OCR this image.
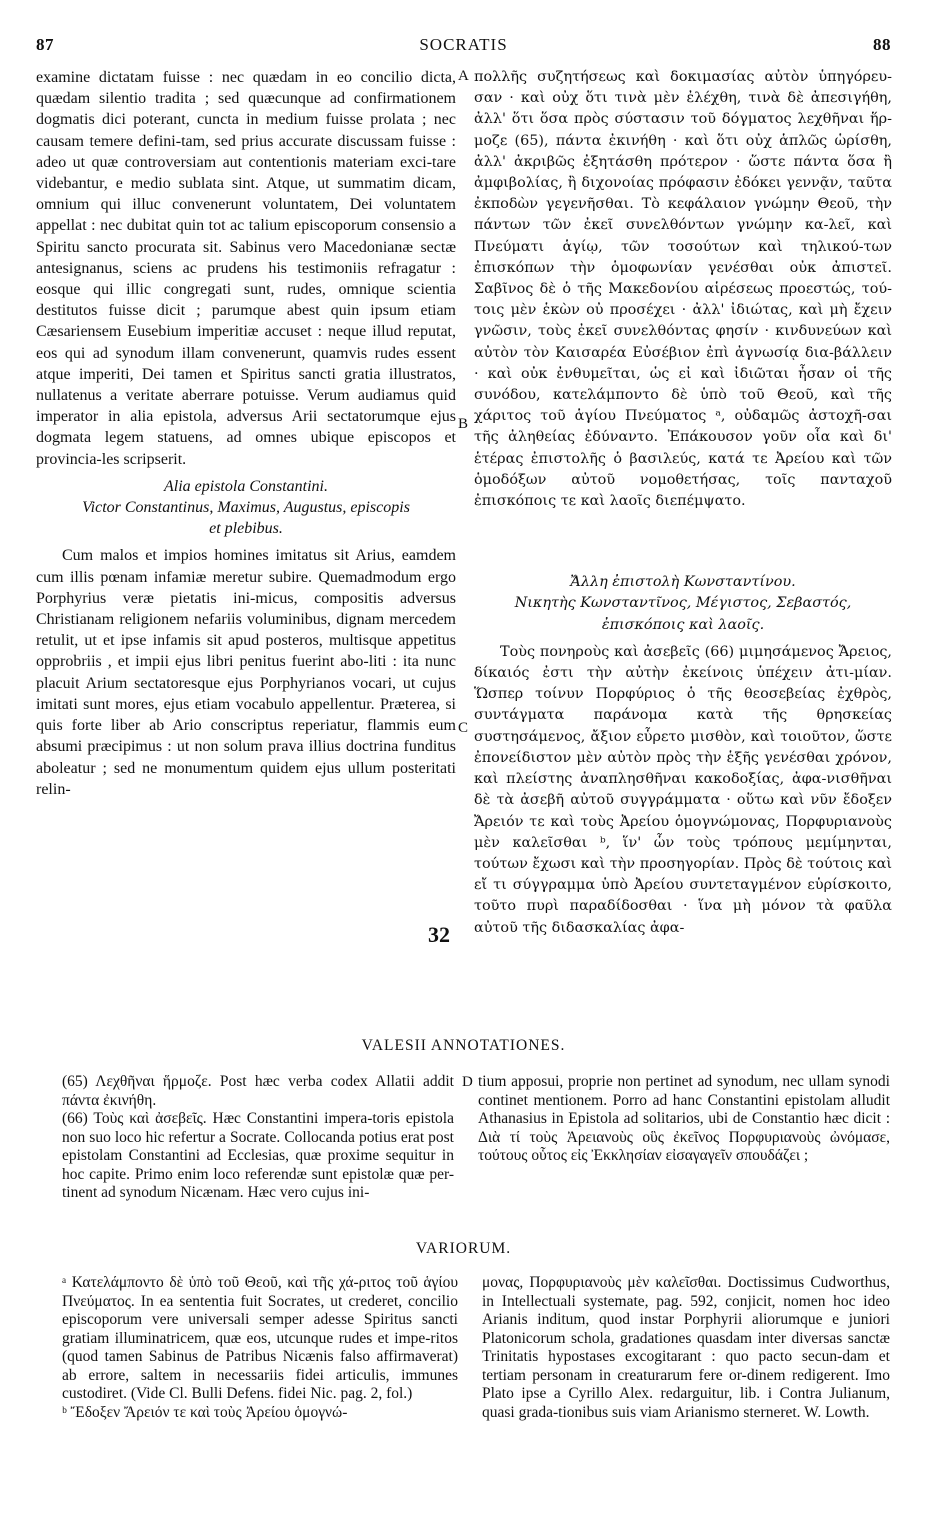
87	SOCRATIS	88

examine dictatam fuisse : nec quædam in eo concilio dicta, quædam silentio tradita ; sed quæcunque ad confirmationem dogmatis dici poterant, cuncta in medium fuisse prolata ; nec causam temere defini-tam, sed prius accurate discussam fuisse : adeo ut quæ controversiam aut contentionis materiam exci-tare videbantur, e medio sublata sint. Atque, ut summatim dicam, omnium qui illuc convenerunt voluntatem, Dei voluntatem appellat : nec dubitat quin tot ac talium episcoporum consensio a Spiritu sancto procurata sit. Sabinus vero Macedonianæ sectæ antesignanus, sciens ac prudens his testimoniis refragatur : eosque qui illic congregati sunt, rudes, omnique scientia destitutos fuisse dicit ; parumque abest quin ipsum etiam Cæsariensem Eusebium imperitiæ accuset : neque illud reputat, eos qui ad synodum illam convenerunt, quamvis rudes essent atque imperiti, Dei tamen et Spiritus sancti gratia illustratos, nullatenus a veritate aberrare potuisse. Verum audiamus quid imperator in alia epistola, adversus Arii sectatorumque ejus dogmata legem statuens, ad omnes ubique episcopos et provincia-les scripserit.

Alia epistola Constantini.

Victor Constantinus, Maximus, Augustus, episcopis

et plebibus.

Cum malos et impios homines imitatus sit Arius, eamdem cum illis pœnam infamiæ meretur subire. Quemadmodum ergo Porphyrius veræ pietatis ini-micus, compositis adversus Christianam religionem nefariis voluminibus, dignam mercedem retulit, ut et ipse infamis sit apud posteros, multisque appetitus opprobriis , et impii ejus libri penitus fuerint abo-liti : ita nunc placuit Arium sectatoresque ejus Porphyrianos vocari, ut cujus imitati sunt mores, ejus etiam vocabulo appellentur. Præterea, si quis forte liber ab Ario conscriptus reperiatur, flammis eum absumi præcipimus : ut non solum prava illius doctrina funditus aboleatur ; sed ne monumentum quidem ejus ullum posteritati relin-

A
B
C
32

πολλῆς συζητήσεως καὶ δοκιμασίας αὐτὸν ὑπηγόρευ-σαν · καὶ οὐχ ὅτι τινὰ μὲν ἐλέχθη, τινὰ δὲ ἀπεσιγήθη, ἀλλ' ὅτι ὅσα πρὸς σύστασιν τοῦ δόγματος λεχθῆναι ἥρ-μοζε (65), πάντα ἐκινήθη · καὶ ὅτι οὐχ ἁπλῶς ὡρίσθη, ἀλλ' ἀκριβῶς ἐξητάσθη πρότερον · ὥστε πάντα ὅσα ἢ ἀμφιβολίας, ἢ διχονοίας πρόφασιν ἐδόκει γεννᾷν, ταῦτα ἐκποδὼν γεγενῆσθαι. Τὸ κεφάλαιον γνώμην Θεοῦ, τὴν πάντων τῶν ἐκεῖ συνελθόντων γνώμην κα-λεῖ, καὶ Πνεύματι ἁγίῳ, τῶν τοσούτων καὶ τηλικού-των ἐπισκόπων τὴν ὁμοφωνίαν γενέσθαι οὐκ ἀπιστεῖ. Σαβῖνος δὲ ὁ τῆς Μακεδονίου αἱρέσεως προεστώς, τού-τοις μὲν ἑκὼν οὐ προσέχει · ἀλλ' ἰδιώτας, καὶ μὴ ἔχειν γνῶσιν, τοὺς ἐκεῖ συνελθόντας φησίν · κινδυνεύων καὶ αὐτὸν τὸν Καισαρέα Εὐσέβιον ἐπὶ ἀγνωσίᾳ δια-βάλλειν · καὶ οὐκ ἐνθυμεῖται, ὡς εἰ καὶ ἰδιῶται ἦσαν οἱ τῆς συνόδου, κατελάμποντο δὲ ὑπὸ τοῦ Θεοῦ, καὶ τῆς χάριτος τοῦ ἁγίου Πνεύματος ᵃ, οὐδαμῶς ἀστοχῆ-σαι τῆς ἀληθείας ἐδύναντο. Ἐπάκουσον γοῦν οἷα καὶ δι' ἑτέρας ἐπιστολῆς ὁ βασιλεύς, κατά τε Ἀρείου καὶ τῶν ὁμοδόξων αὐτοῦ νομοθετήσας, τοῖς πανταχοῦ ἐπισκόποις τε καὶ λαοῖς διεπέμψατο.

Ἄλλη ἐπιστολὴ Κωνσταντίνου.

Νικητὴς Κωνσταντῖνος, Μέγιστος, Σεβαστός,

ἐπισκόποις καὶ λαοῖς.

Τοὺς πονηροὺς καὶ ἀσεβεῖς (66) μιμησάμενος Ἄρειος, δίκαιός ἐστι τὴν αὐτὴν ἐκείνοις ὑπέχειν ἀτι-μίαν. Ὥσπερ τοίνυν Πορφύριος ὁ τῆς θεοσεβείας ἐχθρὸς, συντάγματα παράνομα κατὰ τῆς θρησκείας συστησάμενος, ἄξιον εὗρετο μισθὸν, καὶ τοιοῦτον, ὥστε ἐπονείδιστον μὲν αὐτὸν πρὸς τὴν ἑξῆς γενέσθαι χρόνον, καὶ πλείστης ἀναπλησθῆναι κακοδοξίας, ἀφα-νισθῆναι δὲ τὰ ἀσεβῆ αὐτοῦ συγγράμματα · οὕτω καὶ νῦν ἔδοξεν Ἄρειόν τε καὶ τοὺς Ἀρείου ὁμογνώμονας, Πορφυριανοὺς μὲν καλεῖσθαι ᵇ, ἵν' ὧν τοὺς τρόπους μεμίμηνται, τούτων ἔχωσι καὶ τὴν προσηγορίαν. Πρὸς δὲ τούτοις καὶ εἴ τι σύγγραμμα ὑπὸ Ἀρείου συντεταγμένον εὑρίσκοιτο, τοῦτο πυρὶ παραδίδοσθαι · ἵνα μὴ μόνον τὰ φαῦλα αὐτοῦ τῆς διδασκαλίας ἀφα-

VALESII ANNOTATIONES.
D
(65) Λεχθῆναι ἥρμοζε. Post hæc verba codex Allatii addit πάντα ἐκινήθη.
(66) Τοὺς καὶ ἀσεβεῖς. Hæc Constantini impera-toris epistola non suo loco hic refertur a Socrate. Collocanda potius erat post epistolam Constantini ad Ecclesias, quæ proxime sequitur in hoc capite. Primo enim loco referendæ sunt epistolæ quæ per-tinent ad synodum Nicænam. Hæc vero cujus ini-
tium apposui, proprie non pertinet ad synodum, nec ullam synodi continet mentionem. Porro ad hanc Constantini epistolam alludit Athanasius in Epistola ad solitarios, ubi de Constantio hæc dicit : Διὰ τί τοὺς Ἀρειανοὺς οὓς ἐκεῖνος Πορφυριανοὺς ὠνόμασε, τούτους οὗτος εἰς Ἐκκλησίαν εἰσαγαγεῖν σπουδάζει ;
VARIORUM.
ᵃ Κατελάμποντο δὲ ὑπὸ τοῦ Θεοῦ, καὶ τῆς χά-ριτος τοῦ ἁγίου Πνεύματος. In ea sententia fuit Socrates, ut crederet, concilio episcoporum vere universali semper adesse Spiritus sancti gratiam illuminatricem, quæ eos, utcunque rudes et impe-ritos (quod tamen Sabinus de Patribus Nicænis falso affirmaverat) ab errore, saltem in necessariis fidei articulis, immunes custodiret. (Vide Cl. Bulli Defens. fidei Nic. pag. 2, fol.)
ᵇ Ἔδοξεν Ἄρειόν τε καὶ τοὺς Ἀρείου ὁμογνώ-
μονας, Πορφυριανοὺς μὲν καλεῖσθαι. Doctissimus Cudworthus, in Intellectuali systemate, pag. 592, conjicit, nomen hoc ideo Arianis inditum, quod instar Porphyrii aliorumque e juniori Platonicorum schola, gradationes quasdam inter diversas sanctæ Trinitatis hypostases excogitarant : quo pacto secun-dam et tertiam personam in creaturarum fere or-dinem redigerent. Imo Plato ipse a Cyrillo Alex. redarguitur, lib. i Contra Julianum, quasi grada-tionibus suis viam Arianismo sterneret. W. Lowth.
